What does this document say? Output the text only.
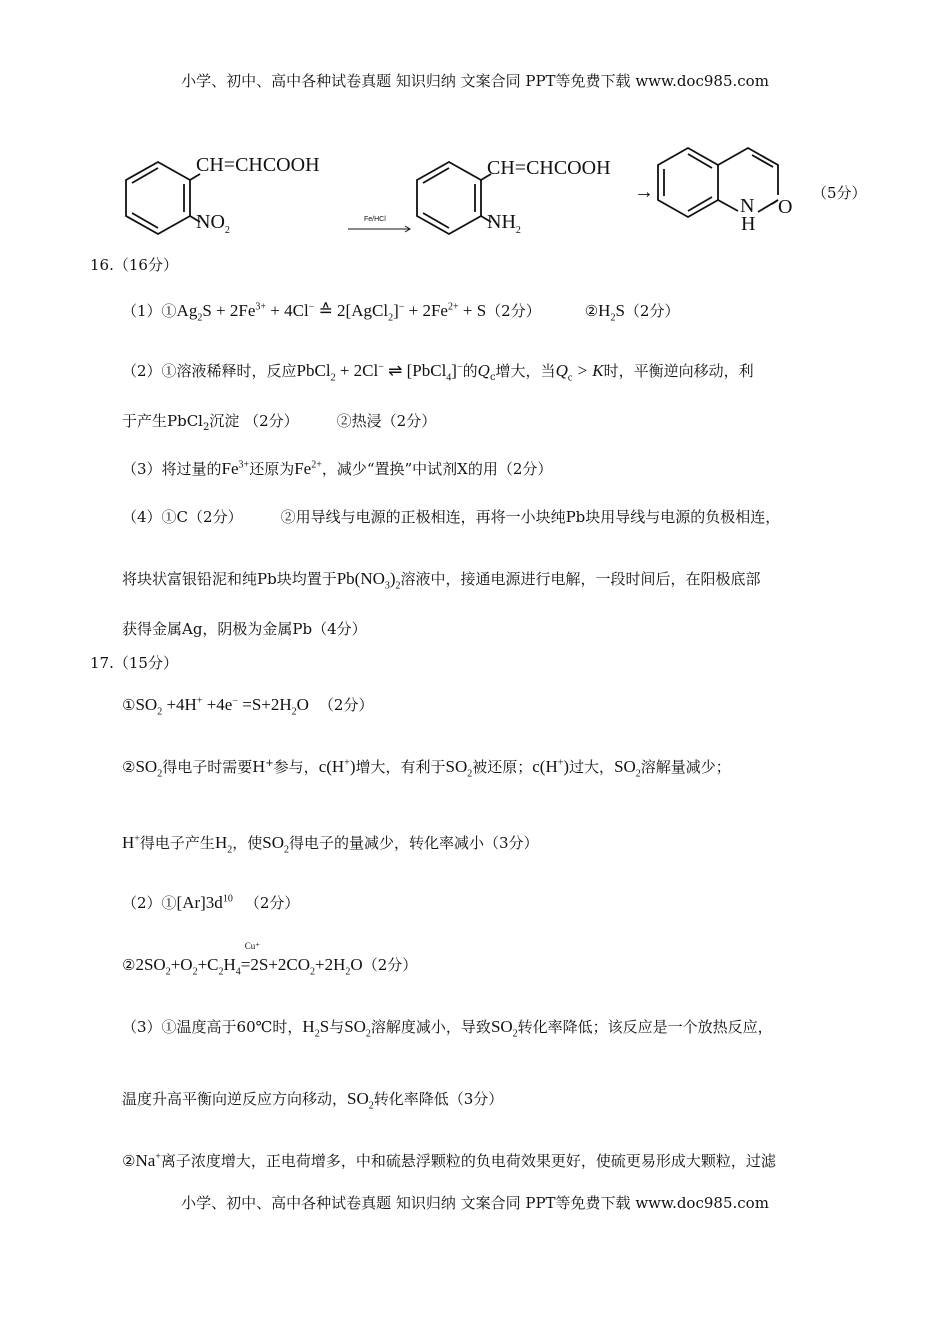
小学、初中、高中各种试卷真题 知识归纳 文案合同 PPT等免费下载 www.doc985.com
CH=CHCOOH
$NO_2$
Fe/HCl
CH=CHCOOH
$NH_2$
→
N
H
O
（5分）
16.（16分）
$(1)①Ag_2S + 2Fe^{3+} + 4Cl^-$ ≙ 2[AgCl$_2$]− + $2Fe^{2+} + S(2$分）	$②H_2S(2$分）
（2）①溶液稀释时，反应PbCl$_2$ + 2Cl− ⇌ [PbCl$_4$]−的$Q_c$增大，当$Q_c > K$时，平衡逆向移动，利
于产生PbCl$_2$沉淀 （2分）	②热浸（2分）
（3）将过量的$Fe^{3+}$还原为$Fe^{2+}$，减少“置换”中试剂X的用（2分）
（4）①C（2分）	②用导线与电源的正极相连，再将一小块纯Pb块用导线与电源的负极相连，
将块状富银铅泥和纯Pb块均置于$Pb(NO_3)_2$溶液中，接通电源进行电解，一段时间后，在阳极底部
获得金属Ag，阴极为金属Pb（4分）
17.（15分）
$①SO_2 +4H^+ +4e^- =S+2H_2O$ （2分）
$②SO_2$得电子时需要H+参与，c(H+)增大，有利于$SO_2$被还原；c(H+)过大，$SO_2$溶解量减少；
H+得电子产生$H_2$，使$SO_2$得电子的量减少，转化率减小（3分）
$(2)①[Ar]3d^{10}$ （2分）
$②2SO_2+O_2+C_2H_4$
Cu⁺
$=2S+2CO_2+2H_2O(2$分）
（3）①温度高于60℃时，$H_2S$与$SO_2$溶解度减小，导致$SO_2$转化率降低；该反应是一个放热反应，
温度升高平衡向逆反应方向移动，$SO_2$转化率降低（3分）
②Na+离子浓度增大，正电荷增多，中和硫悬浮颗粒的负电荷效果更好，使硫更易形成大颗粒，过滤
小学、初中、高中各种试卷真题 知识归纳 文案合同 PPT等免费下载 www.doc985.com
